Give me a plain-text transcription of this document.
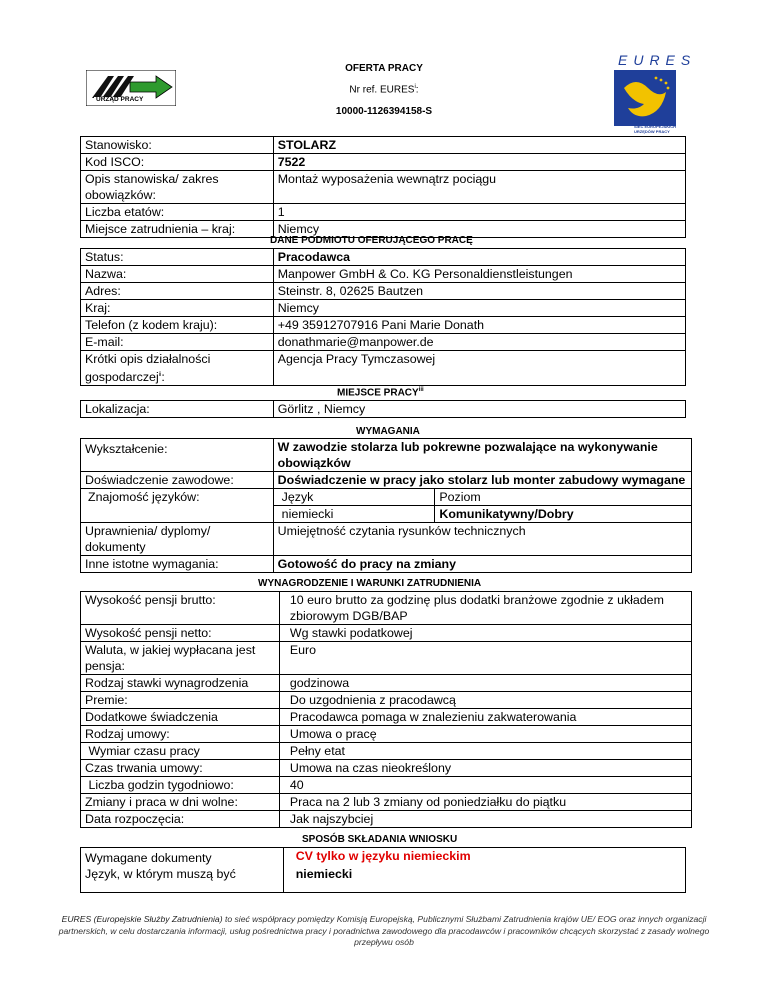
URZĄD PRACY
OFERTA PRACY
Nr ref. EURES$^i$:
10000-1126394158-S
EURES
SIEĆ EUROPEJSKICH
URZĘDÓW PRACY
Stanowisko:	STOLARZ
Kod ISCO:	7522
Opis stanowiska/ zakres obowiązków:	Montaż wyposażenia wewnątrz pociągu
Liczba etatów:	1
Miejsce zatrudnienia – kraj:	Niemcy
DANE PODMIOTU OFERUJĄCEGO PRACĘ
Status:	Pracodawca
Nazwa:	Manpower GmbH & Co. KG Personaldienstleistungen
Adres:	Steinstr. 8, 02625 Bautzen
Kraj:	Niemcy
Telefon (z kodem kraju):	+49 35912707916 Pani Marie Donath
E-mail:	donathmarie@manpower.de
Krótki opis działalności gospodarczej$^{ii}$:	Agencja Pracy Tymczasowej
MIEJSCE PRACY$^{iii}$
Lokalizacja:	Görlitz , Niemcy
WYMAGANIA
Wykształcenie:	W zawodzie stolarza lub pokrewne pozwalające na wykonywanie obowiązków
Doświadczenie zawodowe:	Doświadczenie w pracy jako stolarz lub monter zabudowy wymagane
Znajomość języków:		Język	Poziom
niemiecki	Komunikatywny/Dobry

Uprawnienia/ dyplomy/ dokumenty	Umiejętność czytania rysunków technicznych
Inne istotne wymagania:	Gotowość do pracy na zmiany
WYNAGRODZENIE I WARUNKI ZATRUDNIENIA
Wysokość pensji brutto:	10 euro brutto za godzinę plus dodatki branżowe zgodnie z układem zbiorowym DGB/BAP
Wysokość pensji netto:	Wg stawki podatkowej
Waluta, w jakiej wypłacana jest pensja:	Euro
Rodzaj stawki wynagrodzenia	godzinowa
Premie:	Do uzgodnienia z pracodawcą
Dodatkowe świadczenia	Pracodawca pomaga w znalezieniu zakwaterowania
Rodzaj umowy:	Umowa o pracę
Wymiar czasu pracy	Pełny etat
Czas trwania umowy:	Umowa na czas nieokreślony
Liczba godzin tygodniowo:	40
Zmiany i praca w dni wolne:	Praca na 2 lub 3 zmiany od poniedziałku do piątku
Data rozpoczęcia:	Jak najszybciej
SPOSÓB SKŁADANIA WNIOSKU
Wymagane dokumenty	CV tylko w języku niemieckim
Język, w którym muszą być	niemiecki
EURES (Europejskie Służby Zatrudnienia) to sieć współpracy pomiędzy Komisją Europejską, Publicznymi Służbami Zatrudnienia krajów UE/ EOG oraz innych organizacji partnerskich, w celu dostarczania informacji, usług pośrednictwa pracy i poradnictwa zawodowego dla pracodawców i pracowników chcących skorzystać z zasady wolnego przepływu osób
